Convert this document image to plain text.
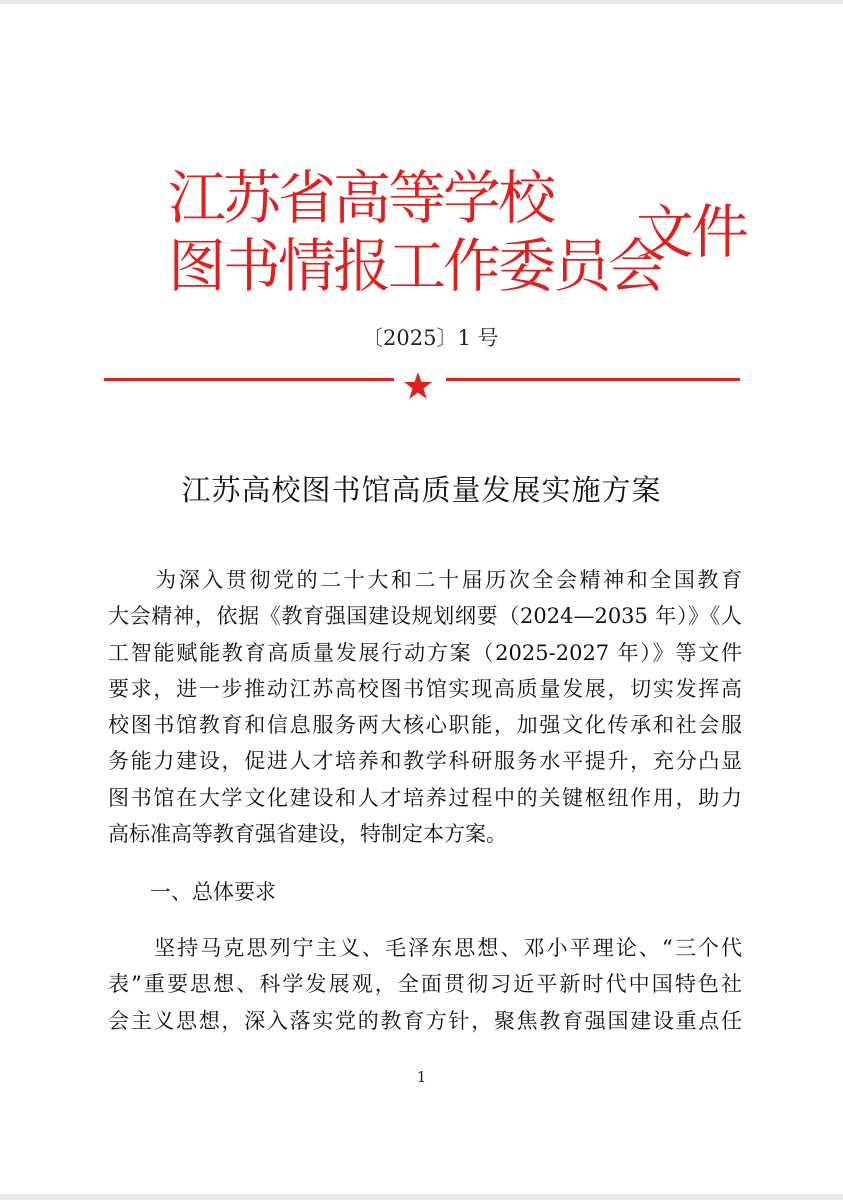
江苏省高等学校
图书情报工作委员会
文件
〔2025〕1 号
江苏高校图书馆高质量发展实施方案
　　为深入贯彻党的二十大和二十届历次全会精神和全国教育
大会精神，依据《教育强国建设规划纲要（2024—2035 年）》《人
工智能赋能教育高质量发展行动方案（2025-2027 年）》等文件
要求，进一步推动江苏高校图书馆实现高质量发展，切实发挥高
校图书馆教育和信息服务两大核心职能，加强文化传承和社会服
务能力建设，促进人才培养和教学科研服务水平提升，充分凸显
图书馆在大学文化建设和人才培养过程中的关键枢纽作用，助力
高标准高等教育强省建设，特制定本方案。
一、总体要求
　　坚持马克思列宁主义、毛泽东思想、邓小平理论、“三个代
表”重要思想、科学发展观，全面贯彻习近平新时代中国特色社
会主义思想，深入落实党的教育方针，聚焦教育强国建设重点任
1
